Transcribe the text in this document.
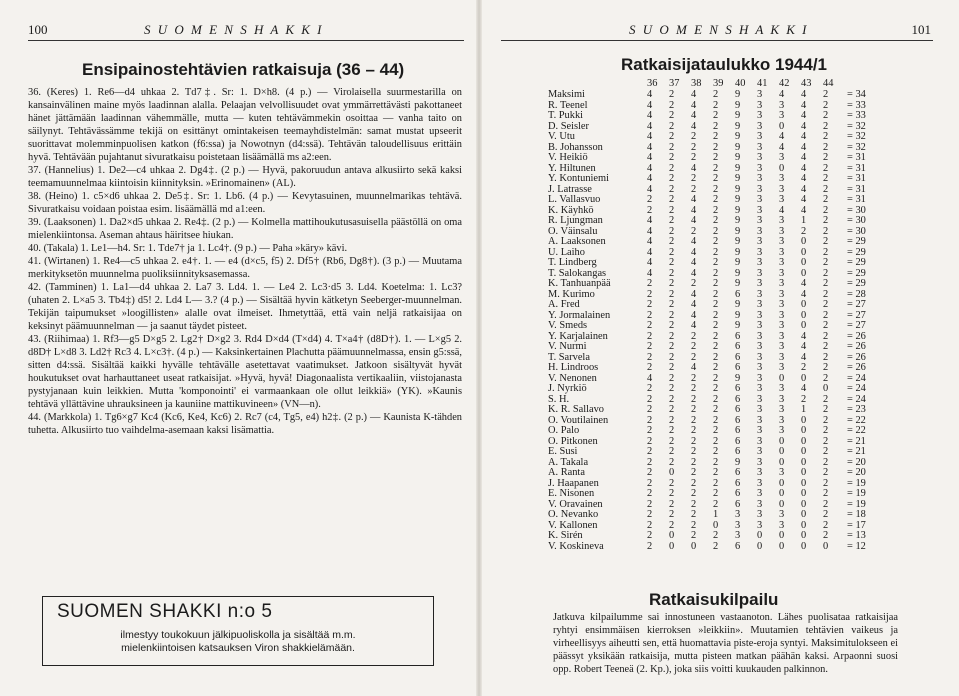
100	S U O M E N S H A K K I
Ensipainostehtävien ratkaisuja (36 – 44)

36. (Keres) 1. Re6—d4 uhkaa 2. Td7‡. Sr: 1. D×h8. (4 p.) — Virolaisella suurmestarilla on kansainvälinen maine myös laadinnan alalla. Pelaajan velvollisuudet ovat ymmärrettävästi pakottaneet hänet jättämään laadinnan vähemmälle, mutta — kuten tehtävämmekin osoittaa — vanha taito on säilynyt. Tehtävässämme tekijä on esittänyt omintakeisen teemayhdistelmän: samat mustat upseerit suorittavat molemminpuolisen katkon (f6:ssa) ja Nowotnyn (d4:ssä). Tehtävän taloudellisuus erittäin hyvä. Tehtävään pujahtanut sivuratkaisu poistetaan lisäämällä ms a2:een.

37. (Hannelius) 1. De2—c4 uhkaa 2. Dg4‡. (2 p.) — Hyvä, pakoruudun antava alkusiirto sekä kaksi teemamuunnelmaa kiintoisin kiinnityksin. »Erinomainen» (AL).

38. (Heino) 1. c5×d6 uhkaa 2. De5‡. Sr: 1. Lb6. (4 p.) — Kevytasuinen, muunnelmarikas tehtävä. Sivuratkaisu voidaan poistaa esim. lisäämällä md a1:een.

39. (Laaksonen) 1. Da2×d5 uhkaa 2. Re4‡. (2 p.) — Kolmella mattihoukutusasuisella päästöllä on oma mielenkiintonsa. Aseman ahtaus häiritsee hiukan.

40. (Takala) 1. Le1—h4. Sr: 1. Tde7† ja 1. Lc4†. (9 p.) — Paha »käry» kävi.

41. (Wirtanen) 1. Re4—c5 uhkaa 2. e4†. 1. — e4 (d×c5, f5) 2. Df5† (Rb6, Dg8†). (3 p.) — Muutama merkityksetön muunnelma puoliksiinnityksasemassa.

42. (Tamminen) 1. La1—d4 uhkaa 2. La7 3. Ld4. 1. — Le4 2. Lc3·d5 3. Ld4. Koetelma: 1. Lc3? (uhaten 2. L×a5 3. Tb4‡) d5! 2. Ld4 L— 3.? (4 p.) — Sisältää hyvin kätketyn Seeberger-muunnelman. Tekijän taipumukset »loogillisten» alalle ovat ilmeiset. Ihmetyttää, että vain neljä ratkaisijaa on keksinyt päämuunnelman — ja saanut täydet pisteet.

43. (Riihimaa) 1. Rf3—g5 D×g5 2. Lg2† D×g2 3. Rd4 D×d4 (T×d4) 4. T×a4† (d8D†). 1. — L×g5 2. d8D† L×d8 3. Ld2† Rc3 4. L×c3†. (4 p.) — Kaksinkertainen Plachutta päämuunnelmassa, ensin g5:ssä, sitten d4:ssä. Sisältää kaikki hyvälle tehtävälle asetettavat vaatimukset. Jatkoon sisältyvät hyvät houkutukset ovat harhauttaneet useat ratkaisijat. »Hyvä, hyvä! Diagonaalista vertikaaliin, viistojanasta pystyjanaan kuin leikkien. Mutta 'komponointi' ei varmaankaan ole ollut leikkiä» (YK). »Kaunis tehtävä yllättävine uhrauksineen ja kauniine mattikuvineen» (VN—n).

44. (Markkola) 1. Tg6×g7 Kc4 (Kc6, Ke4, Kc6) 2. Rc7 (c4, Tg5, e4) h2‡. (2 p.) — Kaunista K-tähden tuhetta. Alkusiirto tuo vaihdelma-asemaan kaksi lisämattia.

SUOMEN SHAKKI n:o 5
ilmestyy toukokuun jälkipuoliskolla ja sisältää m.m.
mielenkiintoisen katsauksen Viron shakkielämään.
S U O M E N S H A K K I	101
Ratkaisijataulukko 1944/1
	36	37	38	39	40	41	42	43	44	
Maksimi	4	2	4	2	9	3	4	4	2	= 34
R. Teenel	4	2	4	2	9	3	3	4	2	= 33
T. Pukki	4	2	4	2	9	3	3	4	2	= 33
D. Seisler	4	2	4	2	9	3	0	4	2	= 32
V. Utu	4	2	2	2	9	3	4	4	2	= 32
B. Johansson	4	2	2	2	9	3	4	4	2	= 32
V. Heikiö	4	2	2	2	9	3	3	4	2	= 31
Y. Hiltunen	4	2	4	2	9	3	0	4	2	= 31
Y. Kontuniemi	4	2	2	2	9	3	3	4	2	= 31
J. Latrasse	4	2	2	2	9	3	3	4	2	= 31
L. Vallasvuo	2	2	4	2	9	3	3	4	2	= 31
K. Käyhkö	2	2	4	2	9	3	4	4	2	= 30
R. Ljungman	4	2	4	2	9	3	3	1	2	= 30
O. Väinsalu	4	2	2	2	9	3	3	2	2	= 30
A. Laaksonen	4	2	4	2	9	3	3	0	2	= 29
U. Laiho	4	2	4	2	9	3	3	0	2	= 29
T. Lindberg	4	2	4	2	9	3	3	0	2	= 29
T. Salokangas	4	2	4	2	9	3	3	0	2	= 29
K. Tanhuanpää	2	2	2	2	9	3	3	4	2	= 29
M. Kurimo	2	2	4	2	6	3	3	4	2	= 28
A. Fred	2	2	4	2	9	3	3	0	2	= 27
Y. Jormalainen	2	2	4	2	9	3	3	0	2	= 27
V. Smeds	2	2	4	2	9	3	3	0	2	= 27
Y. Karjalainen	2	2	2	2	6	3	3	4	2	= 26
V. Nurmi	2	2	2	2	6	3	3	4	2	= 26
T. Sarvela	2	2	2	2	6	3	3	4	2	= 26
H. Lindroos	2	2	4	2	6	3	3	2	2	= 26
V. Nenonen	4	2	2	2	9	3	0	0	2	= 24
J. Nyrkiö	2	2	2	2	6	3	3	4	0	= 24
S. H.	2	2	2	2	6	3	3	2	2	= 24
K. R. Sallavo	2	2	2	2	6	3	3	1	2	= 23
O. Voutilainen	2	2	2	2	6	3	3	0	2	= 22
O. Palo	2	2	2	2	6	3	3	0	2	= 22
O. Pitkonen	2	2	2	2	6	3	0	0	2	= 21
E. Susi	2	2	2	2	6	3	0	0	2	= 21
A. Takala	2	2	2	2	9	3	0	0	2	= 20
A. Ranta	2	0	2	2	6	3	3	0	2	= 20
J. Haapanen	2	2	2	2	6	3	0	0	2	= 19
E. Nisonen	2	2	2	2	6	3	0	0	2	= 19
V. Oravainen	2	2	2	2	6	3	0	0	2	= 19
O. Nevanko	2	2	2	1	3	3	3	0	2	= 18
V. Kallonen	2	2	2	0	3	3	3	0	2	= 17
K. Sirén	2	0	2	2	3	0	0	0	2	= 13
V. Koskineva	2	0	0	2	6	0	0	0	0	= 12
Ratkaisukilpailu
Jatkuva kilpailumme sai innostuneen vastaanoton. Lähes puolisataa ratkaisijaa ryhtyi ensimmäisen kierroksen »leikkiin». Muutamien tehtävien vaikeus ja virheellisyys aiheutti sen, että huomattavia piste-eroja syntyi. Maksimitulokseen ei päässyt yksikään ratkaisija, mutta pisteen matkan päähän kaksi. Arpaonni suosi opp. Robert Teeneä (2. Kp.), joka siis voitti kuukauden palkinnon.
